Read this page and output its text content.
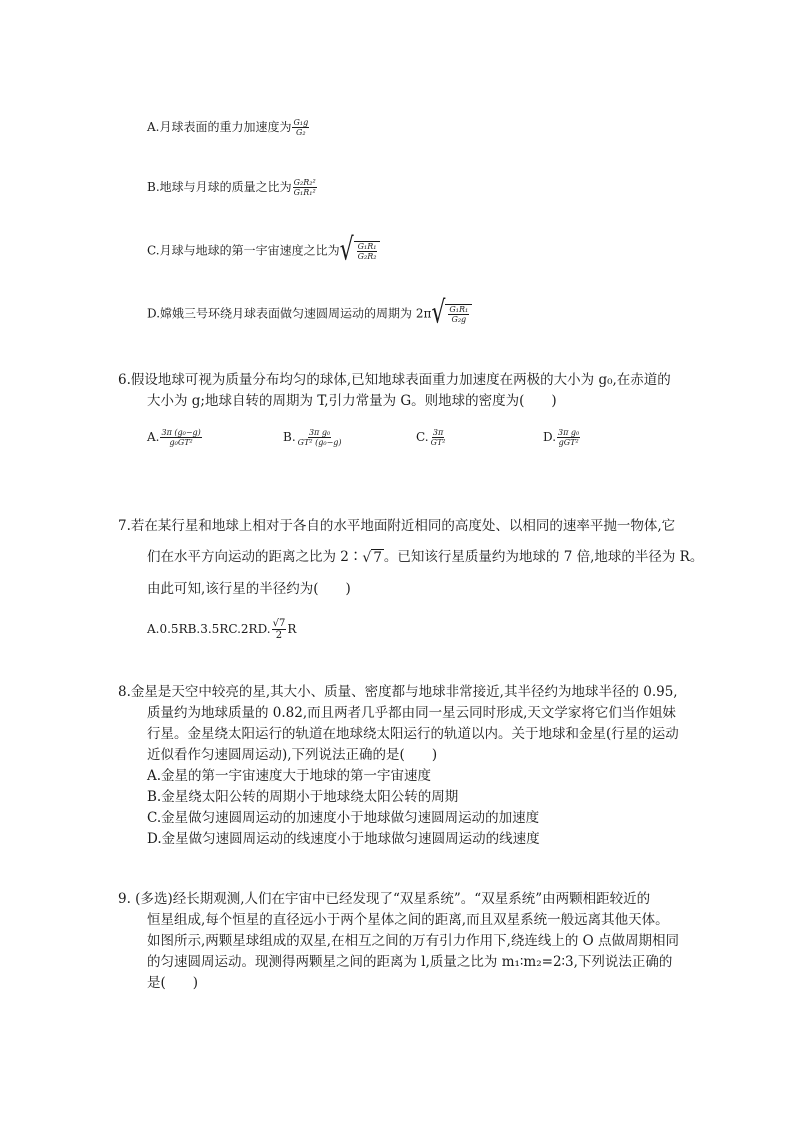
A.月球表面的重力加速度为 $\frac{\text{G₁g}}{\text{G₂}}$
B.地球与月球的质量之比为 $\frac{\text{G₂R₂²}}{\text{G₁R₁²}}$
C.月球与地球的第一宇宙速度之比为 √ $\frac{\text{G₁R₁}}{\text{G₂R₂}}$
D.嫦娥三号环绕月球表面做匀速圆周运动的周期为 2π √ $\frac{\text{G₁R₁}}{\text{G₂g}}$
6.假设地球可视为质量分布均匀的球体,已知地球表面重力加速度在两极的大小为 g₀,在赤道的
大小为 g;地球自转的周期为 T,引力常量为 G。则地球的密度为(　　)
A. $\frac{\text{3π (g₀−g)}}{\text{g₀GT²}}$	B. $\frac{\text{3π g₀}}{\text{GT² (g₀−g)}}$	C. $\frac{3\pi}{\text{GT²}}$	D. $\frac{\text{3π g₀}}{\text{gGT²}}$
7.若在某行星和地球上相对于各自的水平地面附近相同的高度处、以相同的速率平抛一物体,它
们在水平方向运动的距离之比为 2∶ √ 7 。已知该行星质量约为地球的 7 倍,地球的半径为 R。
由此可知,该行星的半径约为(　　)
A.0.5RB.3.5RC.2RD. $\frac{√7}{2}$ R
8.金星是天空中较亮的星,其大小、质量、密度都与地球非常接近,其半径约为地球半径的 0.95,
质量约为地球质量的 0.82,而且两者几乎都由同一星云同时形成,天文学家将它们当作姐妹
行星。金星绕太阳运行的轨道在地球绕太阳运行的轨道以内。关于地球和金星(行星的运动
近似看作匀速圆周运动),下列说法正确的是(　　)
A.金星的第一宇宙速度大于地球的第一宇宙速度
B.金星绕太阳公转的周期小于地球绕太阳公转的周期
C.金星做匀速圆周运动的加速度小于地球做匀速圆周运动的加速度
D.金星做匀速圆周运动的线速度小于地球做匀速圆周运动的线速度
9. (多选)经长期观测,人们在宇宙中已经发现了“双星系统”。“双星系统”由两颗相距较近的
恒星组成,每个恒星的直径远小于两个星体之间的距离,而且双星系统一般远离其他天体。
如图所示,两颗星球组成的双星,在相互之间的万有引力作用下,绕连线上的 O 点做周期相同
的匀速圆周运动。现测得两颗星之间的距离为 l,质量之比为 m₁∶m₂=2∶3,下列说法正确的
是(　　)
